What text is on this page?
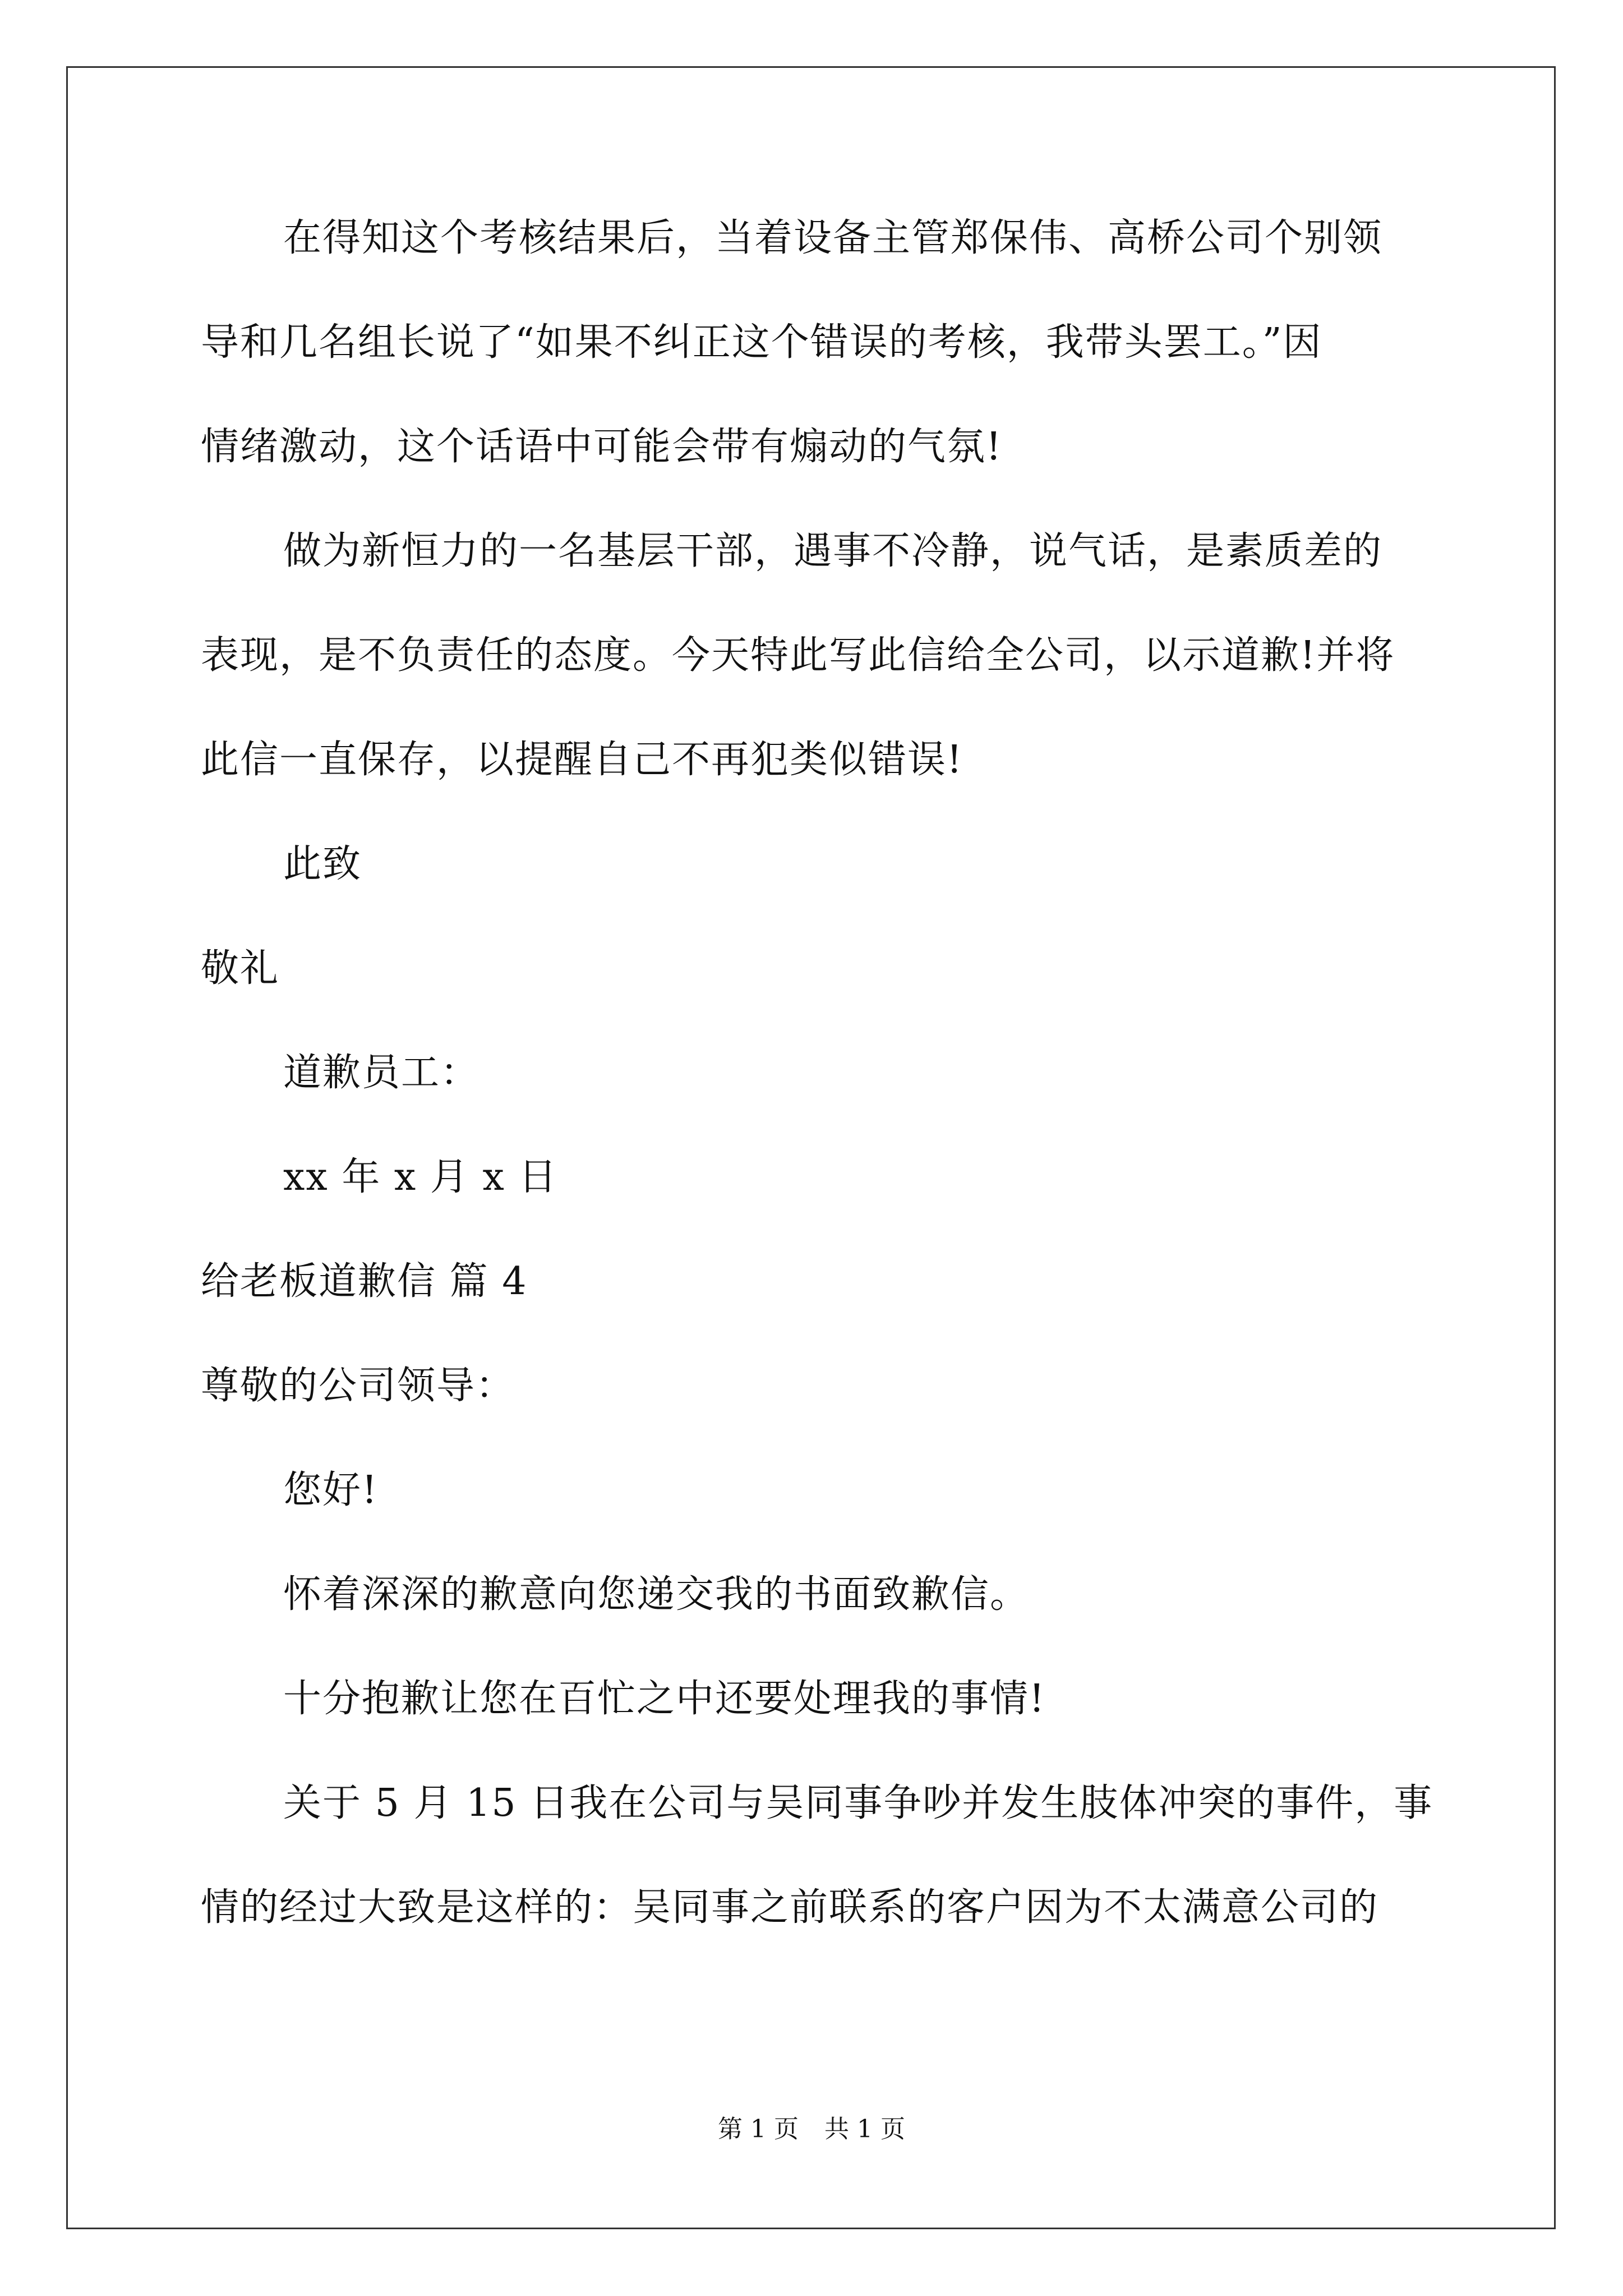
在得知这个考核结果后，当着设备主管郑保伟、高桥公司个别领
导和几名组长说了“如果不纠正这个错误的考核，我带头罢工。”因
情绪激动，这个话语中可能会带有煽动的气氛!
做为新恒力的一名基层干部，遇事不冷静，说气话，是素质差的
表现，是不负责任的态度。今天特此写此信给全公司，以示道歉!并将
此信一直保存，以提醒自己不再犯类似错误!
此致
敬礼
道歉员工：
xx 年 x 月 x 日
给老板道歉信 篇 4
尊敬的公司领导：
您好!
怀着深深的歉意向您递交我的书面致歉信。
十分抱歉让您在百忙之中还要处理我的事情!
关于 5 月 15 日我在公司与吴同事争吵并发生肢体冲突的事件，事
情的经过大致是这样的：吴同事之前联系的客户因为不太满意公司的
第 1 页 共 1 页
